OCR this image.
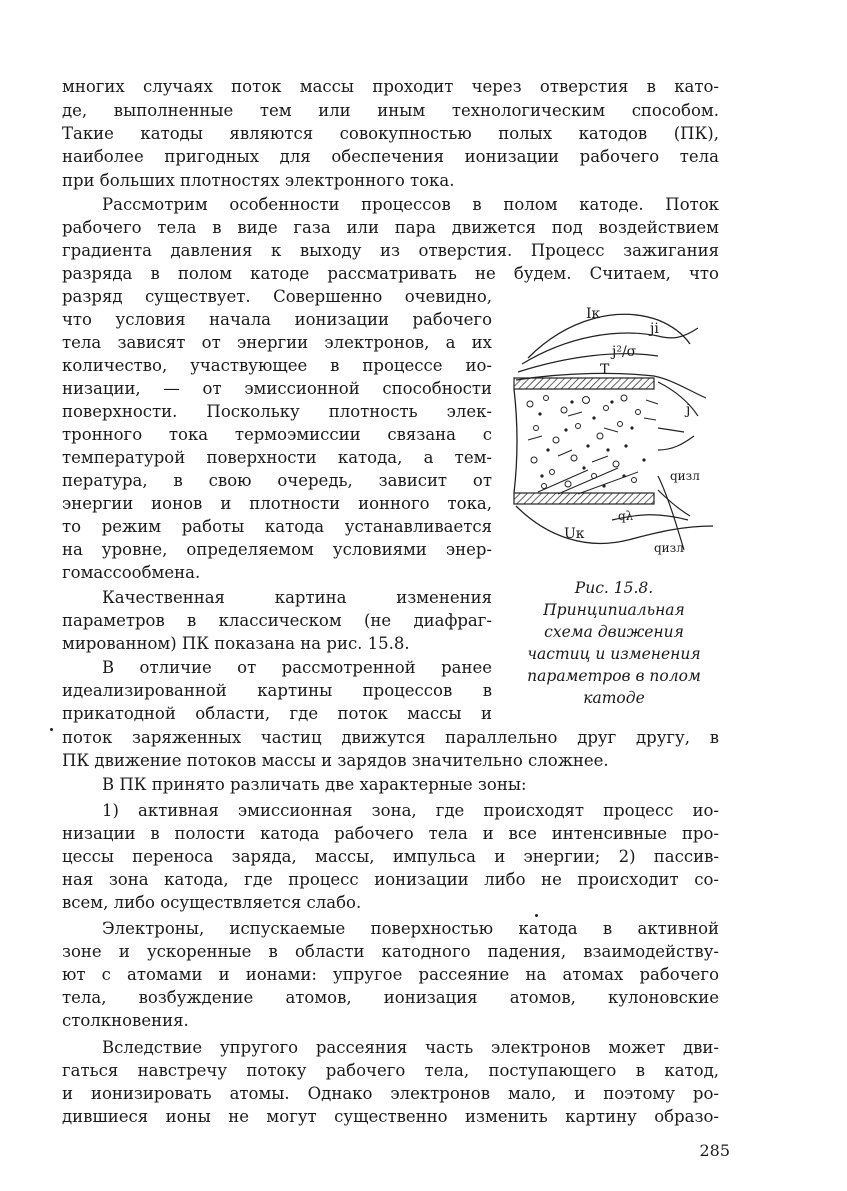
многих случаях поток массы проходит через отверстия в като-
де, выполненные тем или иным технологическим способом.
Такие катоды являются совокупностью полых катодов (ПК),
наиболее пригодных для обеспечения ионизации рабочего тела
при больших плотностях электронного тока.
Рассмотрим особенности процессов в полом катоде. Поток
рабочего тела в виде газа или пара движется под воздействием
градиента давления к выходу из отверстия. Процесс зажигания
разряда в полом катоде рассматривать не будем. Считаем, что
разряд существует. Совершенно очевидно,
что условия начала ионизации рабочего
тела зависят от энергии электронов, а их
количество, участвующее в процессе ио-
низации, — от эмиссионной способности
поверхности. Поскольку плотность элек-
тронного тока термоэмиссии связана с
температурой поверхности катода, а тем-
пература, в свою очередь, зависит от
энергии ионов и плотности ионного тока,
то режим работы катода устанавливается
на уровне, определяемом условиями энер-
гомассообмена.
Качественная картина изменения
параметров в классическом (не диафраг-
мированном) ПК показана на рис. 15.8.
В отличие от рассмотренной ранее
идеализированной картины процессов в
прикатодной области, где поток массы и
поток заряженных частиц движутся параллельно друг другу, в
ПК движение потоков массы и зарядов значительно сложнее.
В ПК принято различать две характерные зоны:
1) активная эмиссионная зона, где происходят процесс ио-
низации в полости катода рабочего тела и все интенсивные про-
цессы переноса заряда, массы, импульса и энергии; 2) пассив-
ная зона катода, где процесс ионизации либо не происходит со-
всем, либо осуществляется слабо.
Электроны, испускаемые поверхностью катода в активной
зоне и ускоренные в области катодного падения, взаимодейству-
ют с атомами и ионами: упругое рассеяние на атомах рабочего
тела, возбуждение атомов, ионизация атомов, кулоновские
столкновения.
Вследствие упругого рассеяния часть электронов может дви-
гаться навстречу потоку рабочего тела, поступающего в катод,
и ионизировать атомы. Однако электронов мало, и поэтому ро-
дившиеся ионы не могут существенно изменить картину образо-
Iк
ji
j²/σ
T
j
qизл
qλ
Uк
qизл
Рис. 15.8.
Принципиальная
схема движения
частиц и изменения
параметров в полом
катоде
285
